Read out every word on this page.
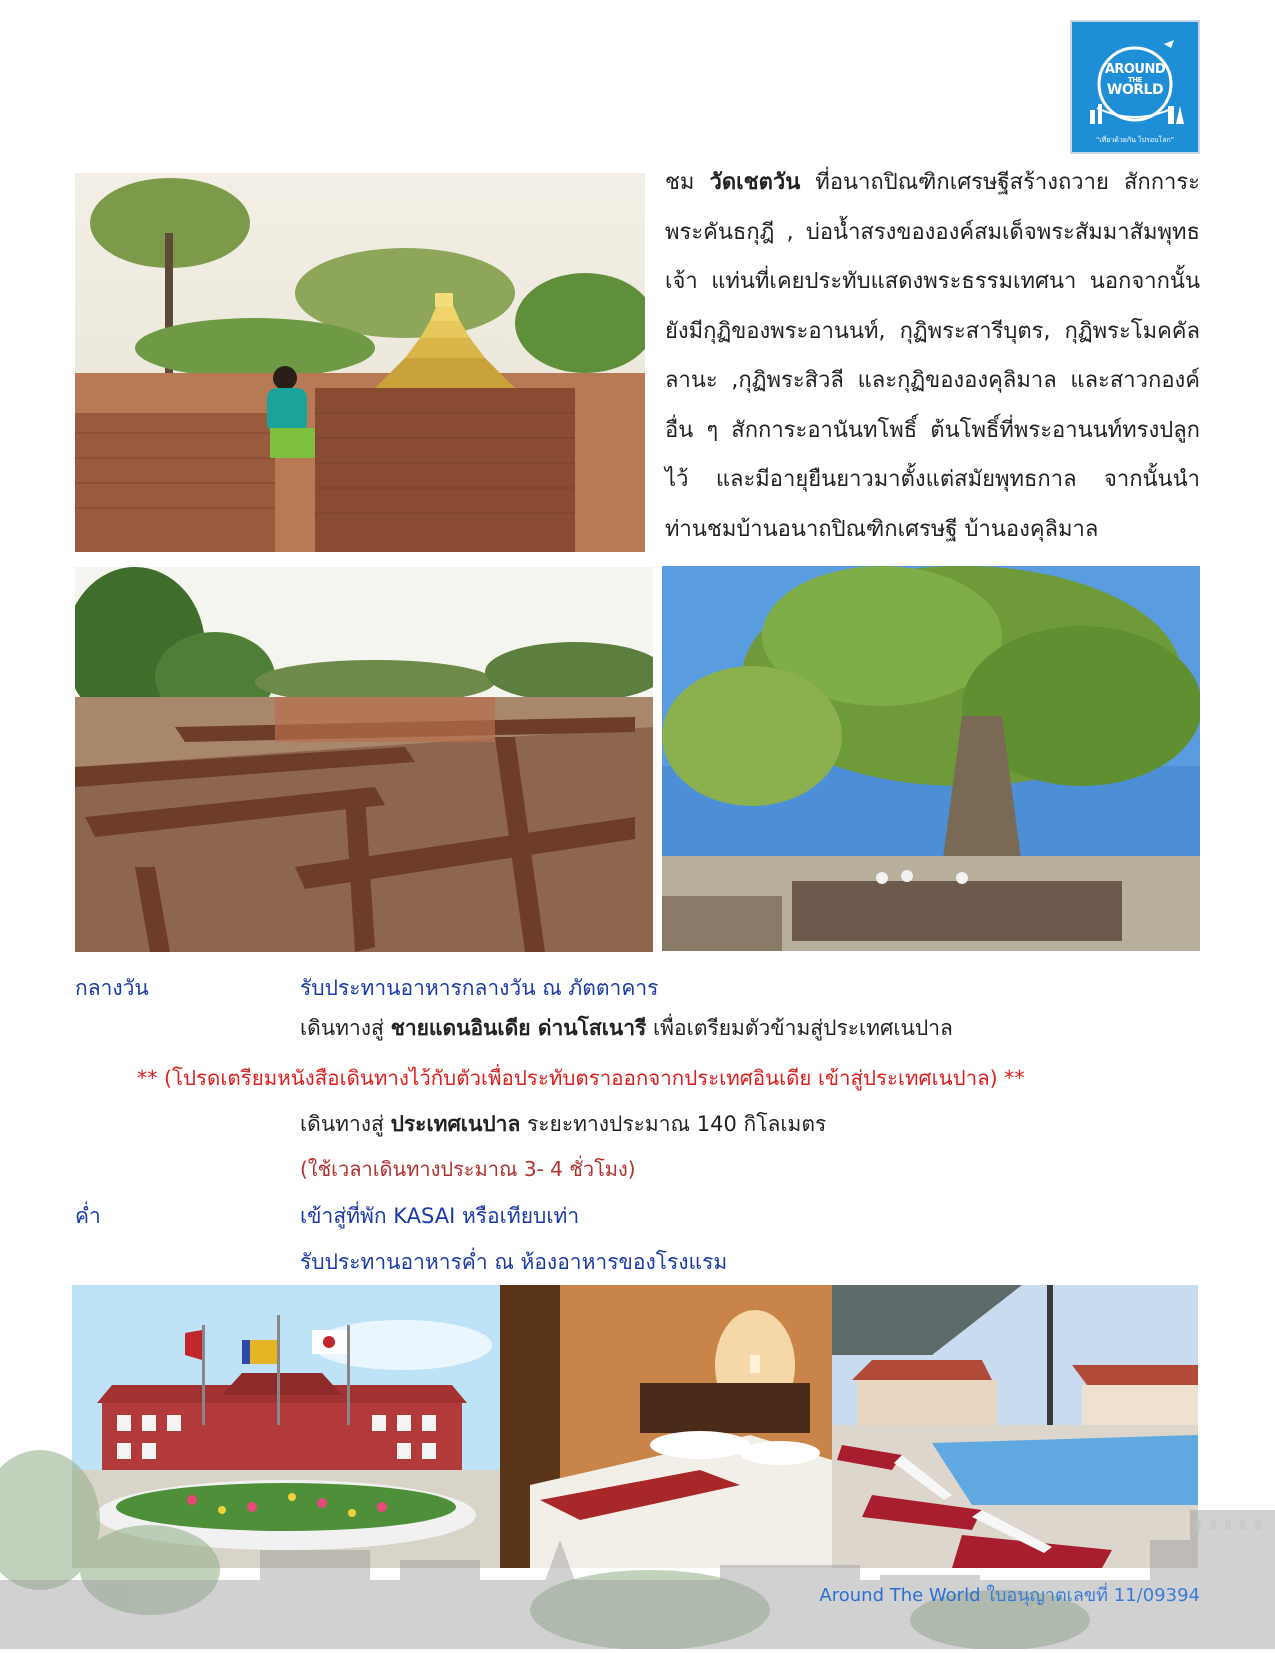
AROUND
THE
WORLD
"เที่ยวด้วยกัน ไปรอบโลก"
ชม วัดเชตวัน ที่อนาถปิณฑิกเศรษฐีสร้างถวาย สักการะพระคันธกุฎี , บ่อน้ำสรงขององค์สมเด็จพระสัมมาสัมพุทธเจ้า แท่นที่เคยประทับแสดงพระธรรมเทศนา นอกจากนั้นยังมีกุฏิของพระอานนท์, กุฏิพระสารีบุตร, กุฏิพระโมคคัลลานะ ,กุฏิพระสิวลี และกุฏิขององคุลิมาล และสาวกองค์อื่น ๆ สักการะอานันทโพธิ์ ต้นโพธิ์ที่พระอานนท์ทรงปลูกไว้ และมีอายุยืนยาวมาตั้งแต่สมัยพุทธกาล จากนั้นนำท่านชมบ้านอนาถปิณฑิกเศรษฐี บ้านองคุลิมาล
กลางวัน	รับประทานอาหารกลางวัน ณ ภัตตาคาร
เดินทางสู่ ชายแดนอินเดีย ด่านโสเนารี เพื่อเตรียมตัวข้ามสู่ประเทศเนปาล
** (โปรดเตรียมหนังสือเดินทางไว้กับตัวเพื่อประทับตราออกจากประเทศอินเดีย เข้าสู่ประเทศเนปาล) **
เดินทางสู่ ประเทศเนปาล ระยะทางประมาณ 140 กิโลเมตร
(ใช้เวลาเดินทางประมาณ 3- 4 ชั่วโมง)
ค่ำ	เข้าสู่ที่พัก KASAI หรือเทียบเท่า
รับประทานอาหารค่ำ ณ ห้องอาหารของโรงแรม
Around The World ใบอนุญาตเลขที่ 11/09394
